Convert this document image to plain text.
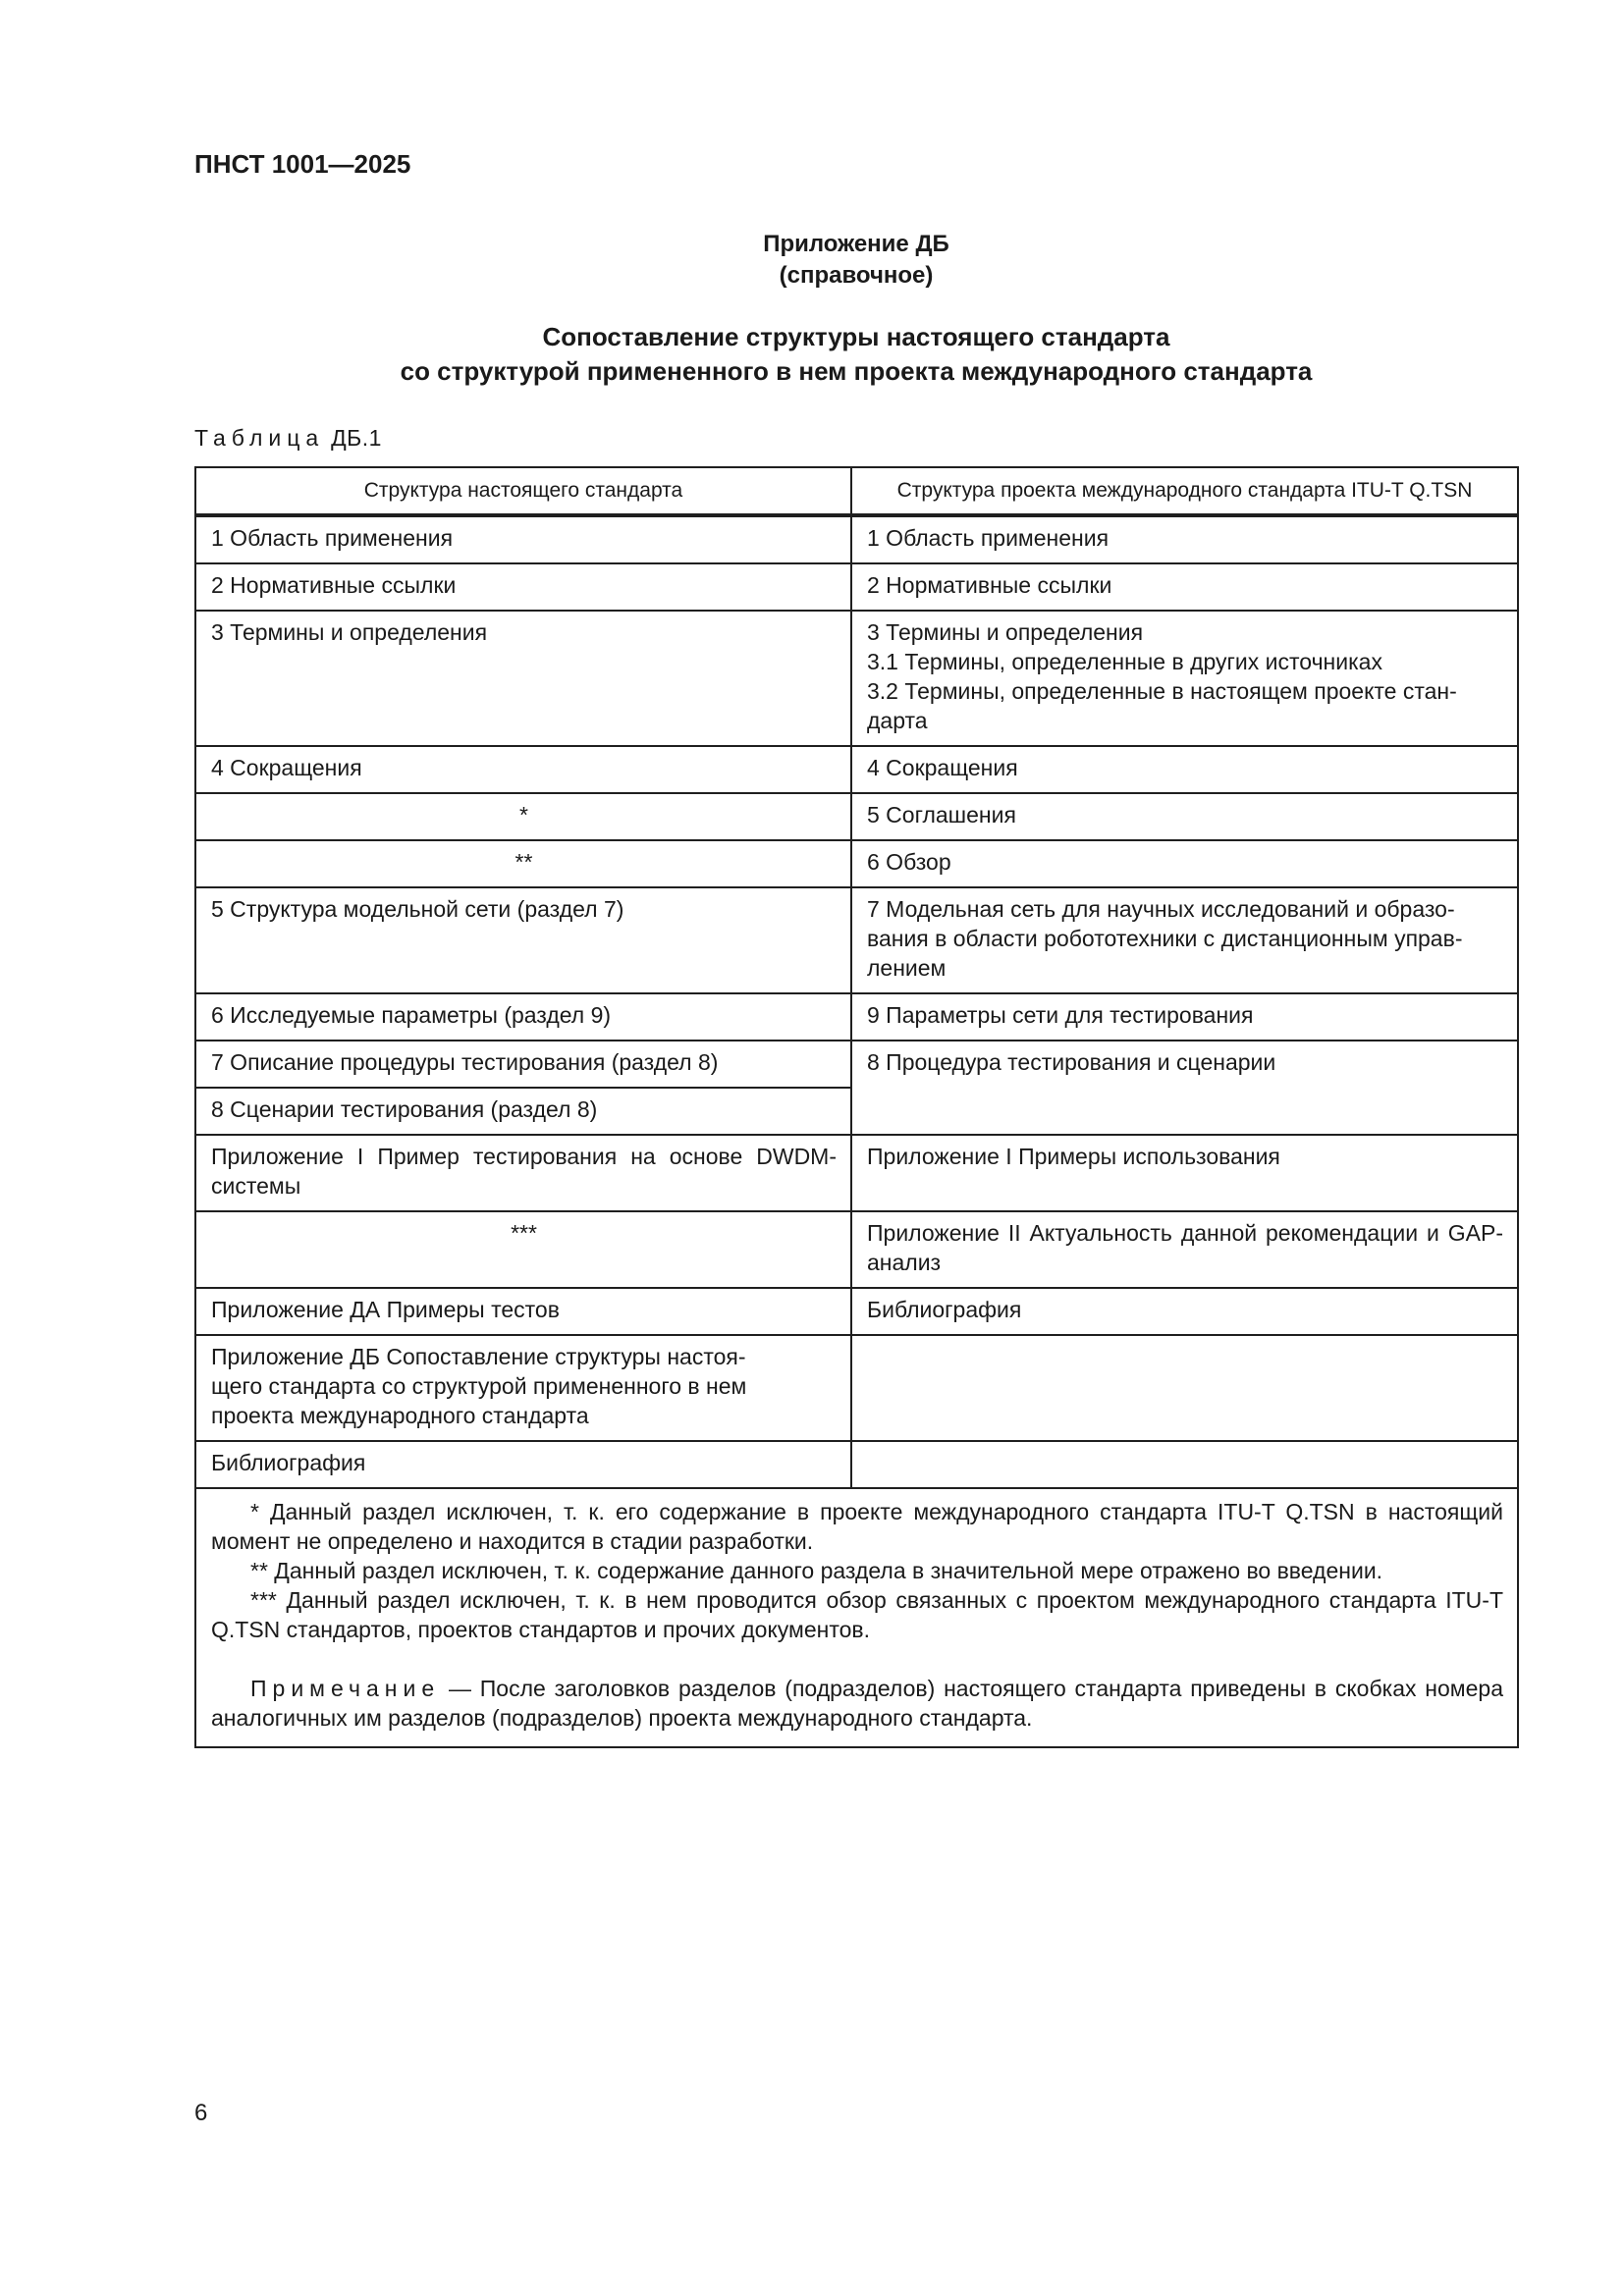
ПНСТ 1001—2025
Приложение ДБ
(справочное)
Сопоставление структуры настоящего стандарта
со структурой примененного в нем проекта международного стандарта
Таблица ДБ.1
Структура настоящего стандарта	Структура проекта международного стандарта ITU-T Q.TSN
1 Область применения	1 Область применения
2 Нормативные ссылки	2 Нормативные ссылки
3 Термины и определения	3 Термины и определения
3.1 Термины, определенные в других источниках
3.2 Термины, определенные в настоящем проекте стан-
дарта

4 Сокращения	4 Сокращения
*	5 Соглашения
**	6 Обзор
5 Структура модельной сети (раздел 7)	7 Модельная сеть для научных исследований и образо-
вания в области робототехники с дистанционным управ-
лением

6 Исследуемые параметры (раздел 9)	9 Параметры сети для тестирования
7 Описание процедуры тестирования (раздел 8)	8 Процедура тестирования и сценарии
8 Сценарии тестирования (раздел 8)	
Приложение I Пример тестирования на основе DWDM-системы	Приложение I Примеры использования
***	Приложение II Актуальность данной рекомендации и GAP-анализ
Приложение ДА Примеры тестов	Библиография

Приложение ДБ Сопоставление структуры настоя-
щего стандарта со структурой примененного в нем
проекта международного стандарта	

Библиография	

* Данный раздел исключен, т. к. его содержание в проекте международного стандарта ITU-T Q.TSN в настоящий момент не определено и находится в стадии разработки.

** Данный раздел исключен, т. к. содержание данного раздела в значительной мере отражено во введении.

*** Данный раздел исключен, т. к. в нем проводится обзор связанных с проектом международного стандарта ITU-T Q.TSN стандартов, проектов стандартов и прочих документов.

Примечание — После заголовков разделов (подразделов) настоящего стандарта приведены в скобках номера аналогичных им разделов (подразделов) проекта международного стандарта.	

6
